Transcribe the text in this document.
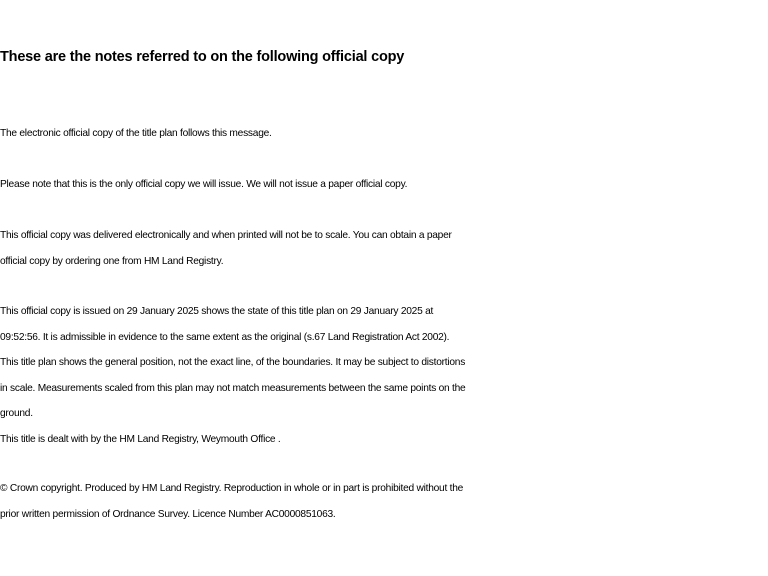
These are the notes referred to on the following official copy

The electronic official copy of the title plan follows this message.

Please note that this is the only official copy we will issue. We will not issue a paper official copy.

This official copy was delivered electronically and when printed will not be to scale. You can obtain a paper
official copy by ordering one from HM Land Registry.

This official copy is issued on 29 January 2025 shows the state of this title plan on 29 January 2025 at
09:52:56. It is admissible in evidence to the same extent as the original (s.67 Land Registration Act 2002).
This title plan shows the general position, not the exact line, of the boundaries. It may be subject to distortions
in scale. Measurements scaled from this plan may not match measurements between the same points on the
ground.
This title is dealt with by the HM Land Registry, Weymouth Office .

© Crown copyright. Produced by HM Land Registry. Reproduction in whole or in part is prohibited without the
prior written permission of Ordnance Survey. Licence Number AC0000851063.
